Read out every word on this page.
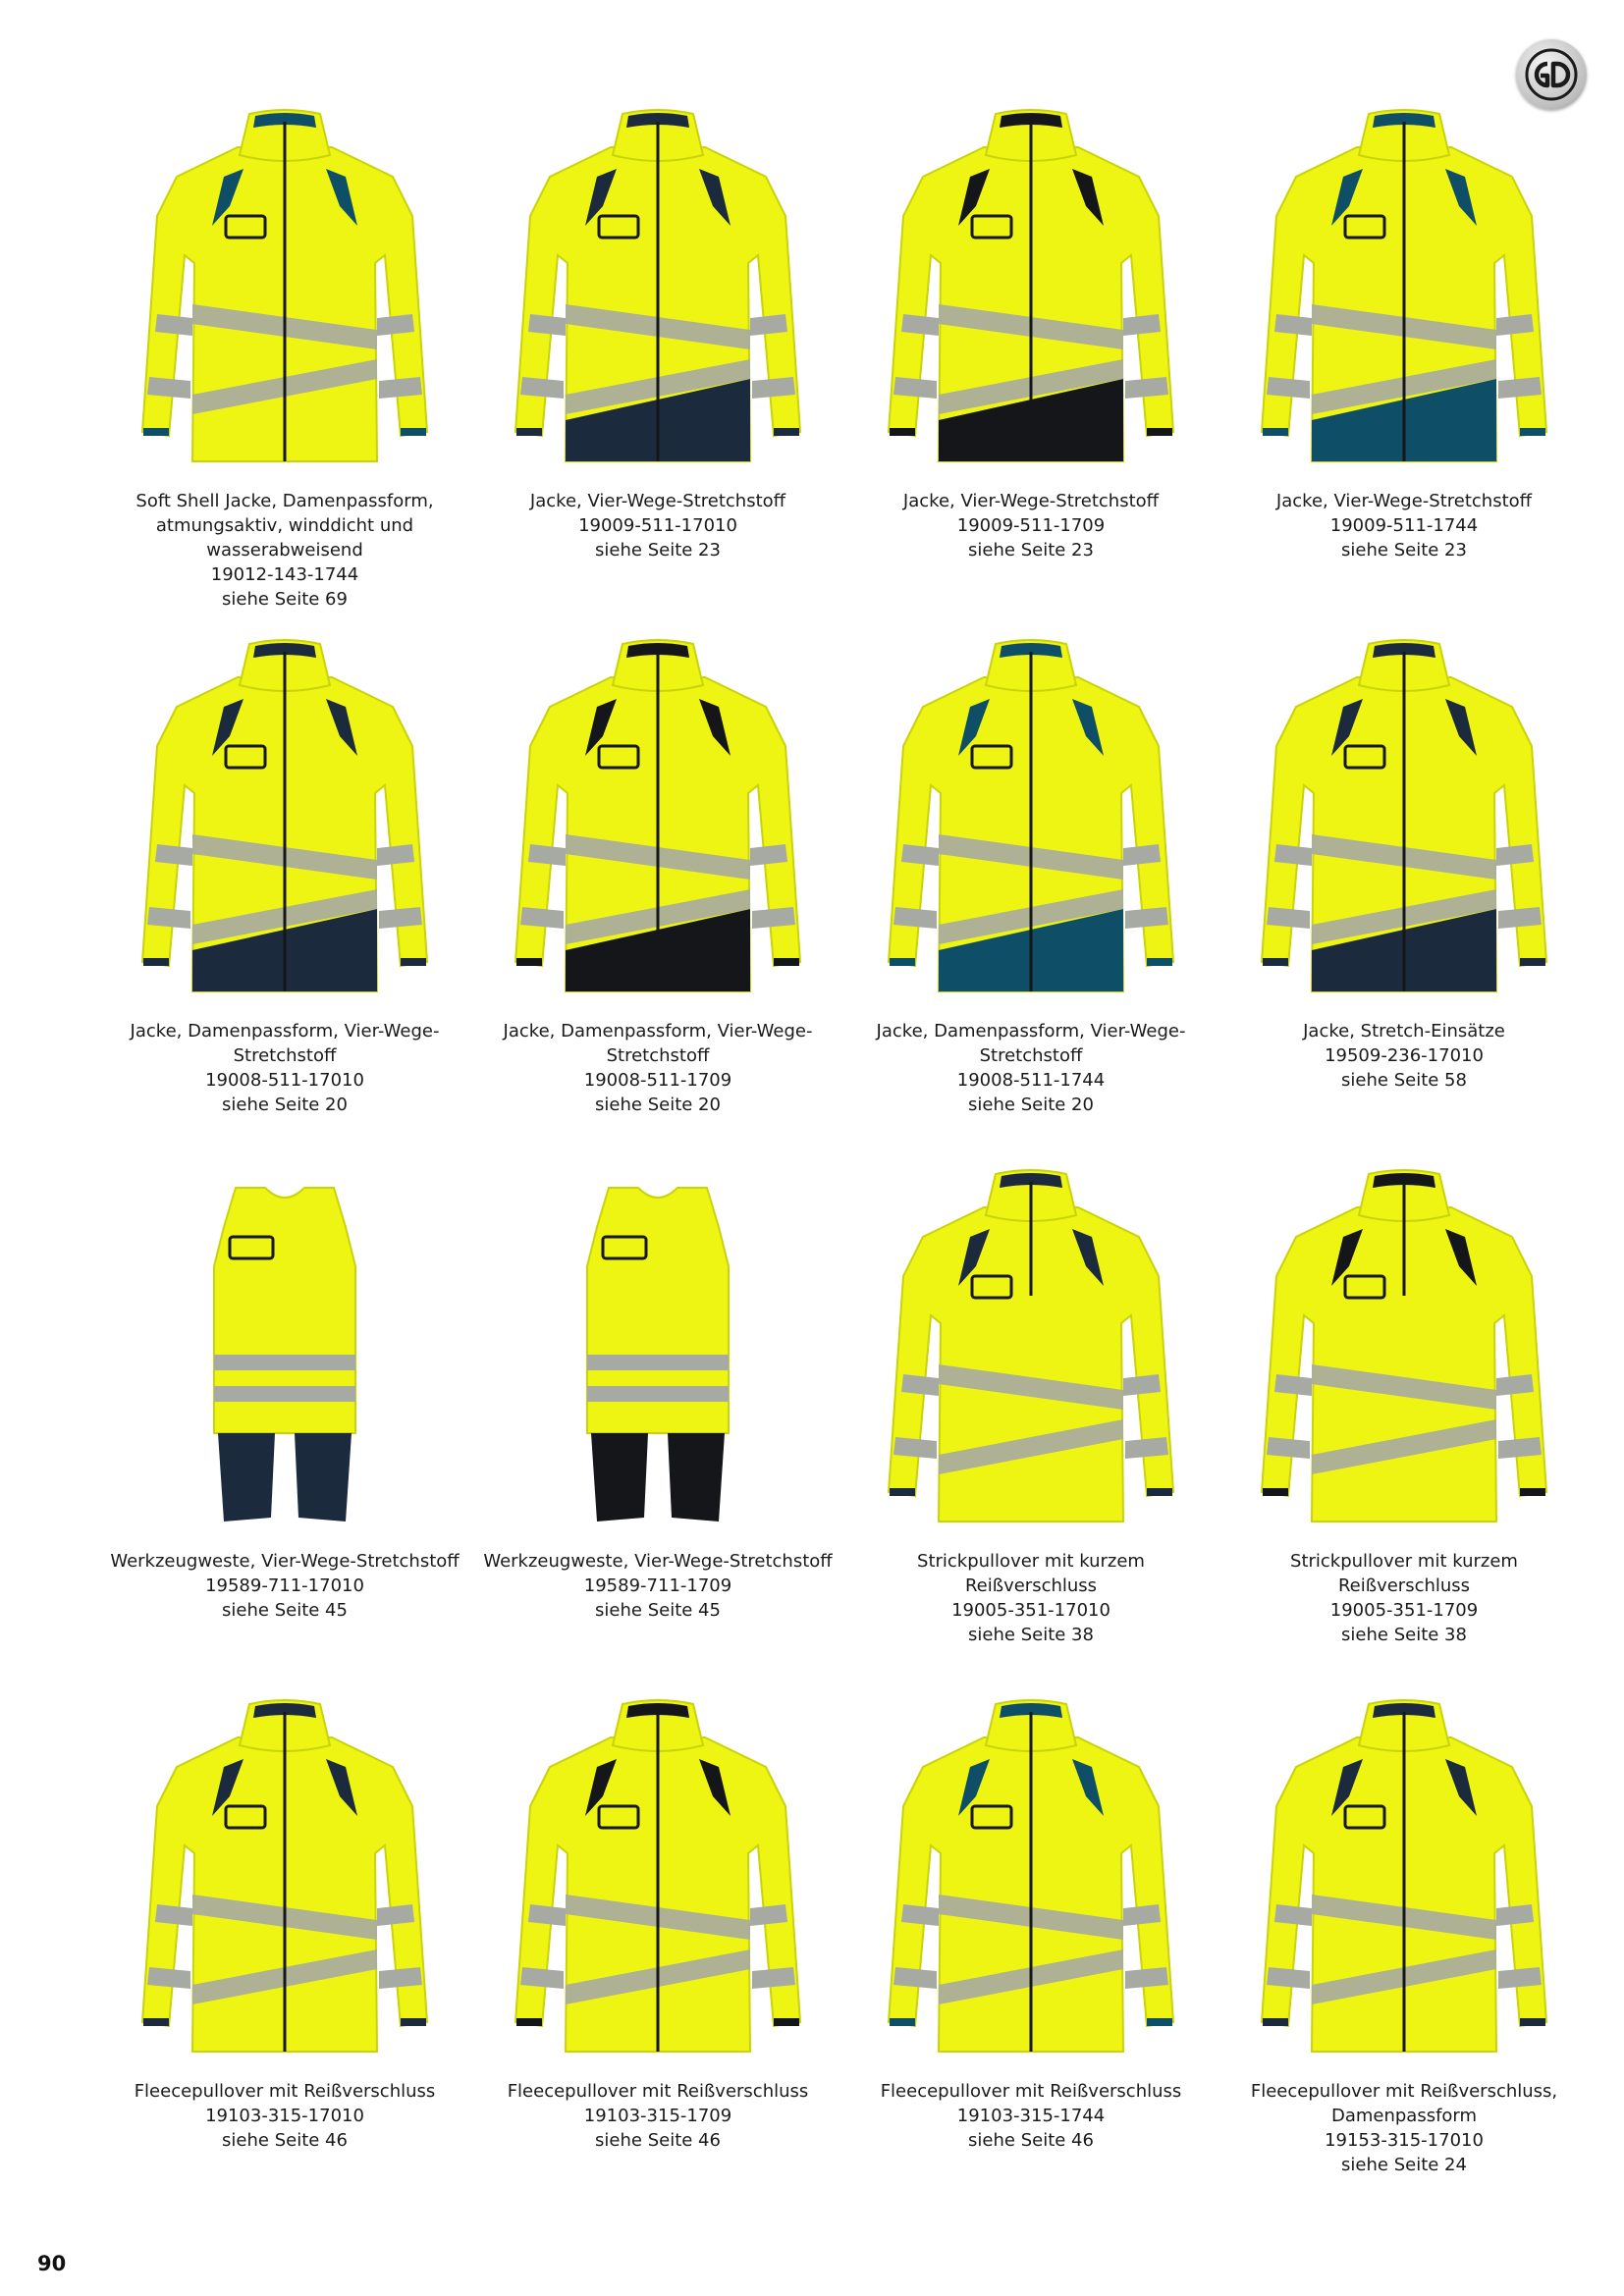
Soft Shell Jacke, Damenpassform, atmungsaktiv, winddicht und wasserabweisend
19012-143-1744
siehe Seite 69
Jacke, Vier-Wege-Stretchstoff
19009-511-17010
siehe Seite 23
Jacke, Vier-Wege-Stretchstoff
19009-511-1709
siehe Seite 23
Jacke, Vier-Wege-Stretchstoff
19009-511-1744
siehe Seite 23
Jacke, Damenpassform, Vier-Wege-Stretchstoff
19008-511-17010
siehe Seite 20
Jacke, Damenpassform, Vier-Wege-Stretchstoff
19008-511-1709
siehe Seite 20
Jacke, Damenpassform, Vier-Wege-Stretchstoff
19008-511-1744
siehe Seite 20
Jacke, Stretch-Einsätze
19509-236-17010
siehe Seite 58
Werkzeugweste, Vier-Wege-Stretchstoff
19589-711-17010
siehe Seite 45
Werkzeugweste, Vier-Wege-Stretchstoff
19589-711-1709
siehe Seite 45
Strickpullover mit kurzem Reißverschluss
19005-351-17010
siehe Seite 38
Strickpullover mit kurzem Reißverschluss
19005-351-1709
siehe Seite 38
Fleecepullover mit Reißverschluss
19103-315-17010
siehe Seite 46
Fleecepullover mit Reißverschluss
19103-315-1709
siehe Seite 46
Fleecepullover mit Reißverschluss
19103-315-1744
siehe Seite 46
Fleecepullover mit Reißverschluss, Damenpassform
19153-315-17010
siehe Seite 24
90
